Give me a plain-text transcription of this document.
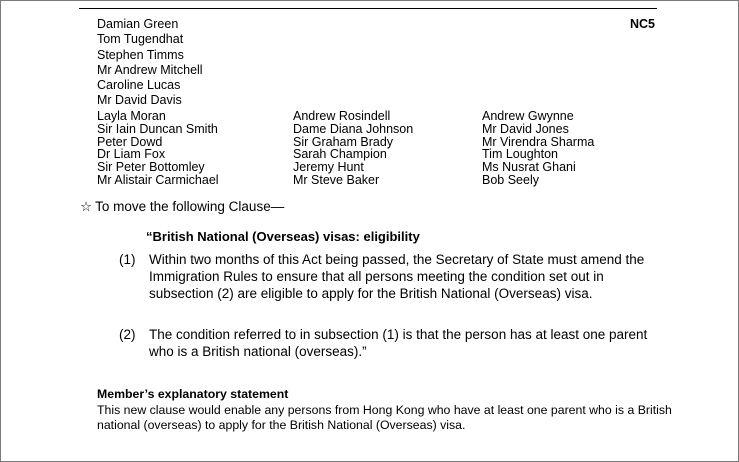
NC5
Damian Green
Tom Tugendhat
Stephen Timms
Mr Andrew Mitchell
Caroline Lucas
Mr David Davis
Layla Moran
Sir Iain Duncan Smith
Peter Dowd
Dr Liam Fox
Sir Peter Bottomley
Mr Alistair Carmichael
Andrew Rosindell
Dame Diana Johnson
Sir Graham Brady
Sarah Champion
Jeremy Hunt
Mr Steve Baker
Andrew Gwynne
Mr David Jones
Mr Virendra Sharma
Tim Loughton
Ms Nusrat Ghani
Bob Seely
☆ To move the following Clause—
“British National (Overseas) visas: eligibility
(1) Within two months of this Act being passed, the Secretary of State must amend the Immigration Rules to ensure that all persons meeting the condition set out in subsection (2) are eligible to apply for the British National (Overseas) visa.
(2) The condition referred to in subsection (1) is that the person has at least one parent who is a British national (overseas).”
Member’s explanatory statement
This new clause would enable any persons from Hong Kong who have at least one parent who is a British national (overseas) to apply for the British National (Overseas) visa.
